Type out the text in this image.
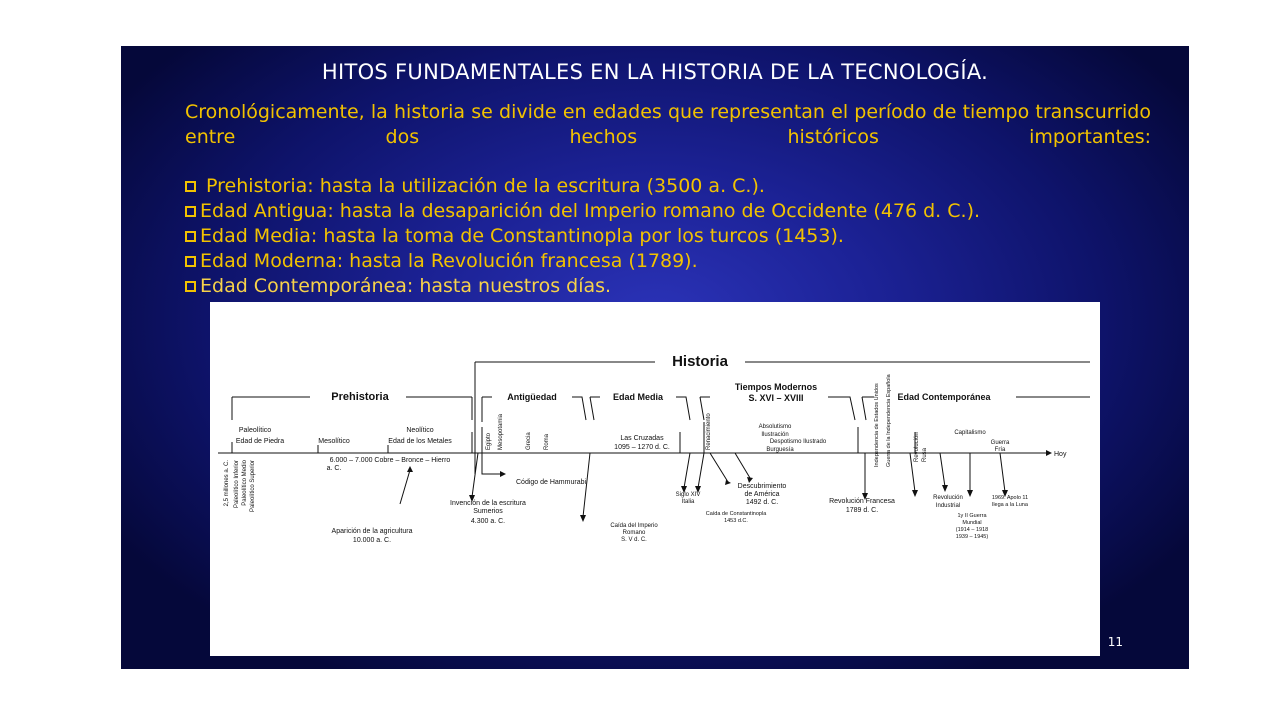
HITOS FUNDAMENTALES EN LA HISTORIA DE LA TECNOLOGÍA.
Cronológicamente, la historia se divide en edades que representan el período de tiempo transcurrido entre dos hechos históricos importantes:
Prehistoria: hasta la utilización de la escritura (3500 a. C.).
Edad Antigua: hasta la desaparición del Imperio romano de Occidente (476 d. C.).
Edad Media: hasta la toma de Constantinopla por los turcos (1453).
Edad Moderna: hasta la Revolución francesa (1789).
Edad Contemporánea: hasta nuestros días.
Historia
Prehistoria	Antigüedad	Edad Media
Tiempos Modernos
S. XVI – XVIII	Edad Contemporánea
Paleolítico
Edad de Piedra	Mesolítico
Neolítico
Edad de los Metales
6.000 – 7.000 Cobre – Bronce – Hierro
a. C.
Hoy
Las Cruzadas
1095 – 1270 d. C.
Absolutismo
Ilustración
Despotismo Ilustrado
Burguesía
Capitalismo
Guerra
Fría
Código de Hammurabi
Invención de la escritura
Sumerios
4.300 a. C.
Aparición de la agricultura
10.000 a. C.
Caída del Imperio
Romano
S. V d. C.
Siglo XIV
Italia
Descubrimiento
de América
1492 d. C.
Caída de Constantinopla
1453 d.C.
Revolución Francesa
1789 d. C.
Revolución
Industrial
1y II Guerra
Mundial
(1914 – 1918
1939 – 1945)
1969: Apolo 11
llega a la Luna
2,5 millones a. C. Paleolítico Inferior Paleolítico Medio Paleolítico Superior
Egipto Mesopotamia	Grecia Roma	Renacimiento	Independencia de Estados Unidos Guerra de la Independencia Española	Revolución Rusa
11
